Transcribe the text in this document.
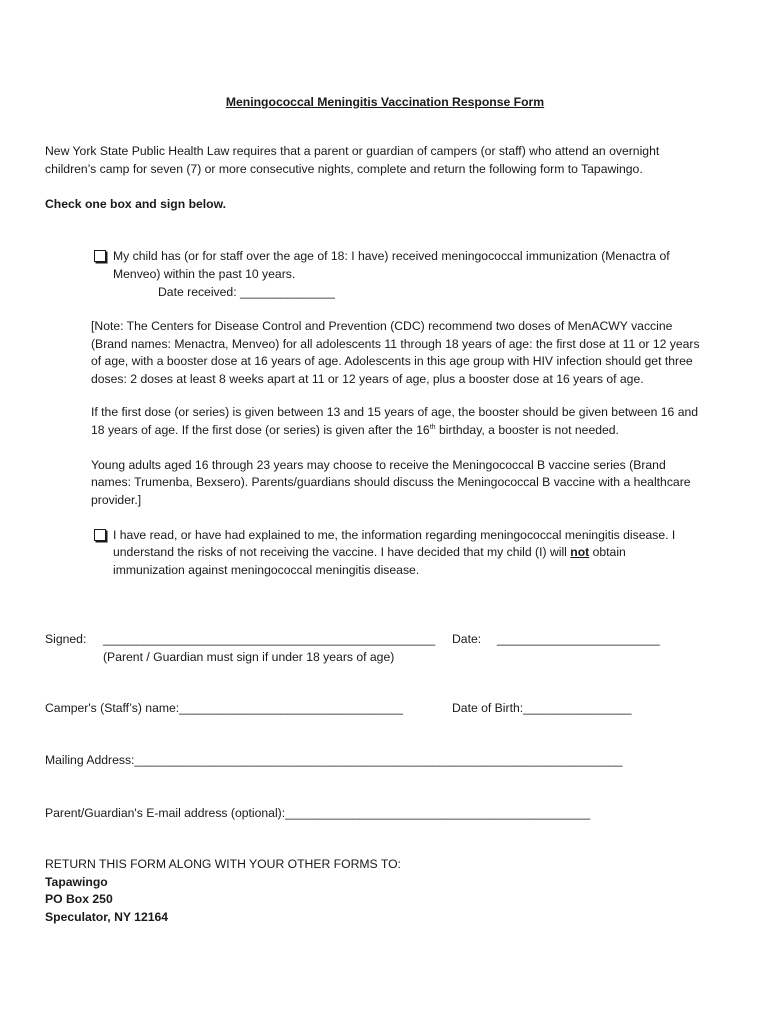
Meningococcal Meningitis Vaccination Response Form
New York State Public Health Law requires that a parent or guardian of campers (or staff) who attend an overnight
children’s camp for seven (7) or more consecutive nights, complete and return the following form to Tapawingo.
Check one box and sign below.
My child has (or for staff over the age of 18: I have) received meningococcal immunization (Menactra of
Menveo) within the past 10 years.
Date received: ______________
[Note: The Centers for Disease Control and Prevention (CDC) recommend two doses of MenACWY vaccine
(Brand names: Menactra, Menveo) for all adolescents 11 through 18 years of age: the first dose at 11 or 12 years
of age, with a booster dose at 16 years of age. Adolescents in this age group with HIV infection should get three
doses: 2 doses at least 8 weeks apart at 11 or 12 years of age, plus a booster dose at 16 years of age.
If the first dose (or series) is given between 13 and 15 years of age, the booster should be given between 16 and
18 years of age. If the first dose (or series) is given after the 16th birthday, a booster is not needed.
Young adults aged 16 through 23 years may choose to receive the Meningococcal B vaccine series (Brand
names: Trumenba, Bexsero). Parents/guardians should discuss the Meningococcal B vaccine with a healthcare
provider.]
I have read, or have had explained to me, the information regarding meningococcal meningitis disease. I
understand the risks of not receiving the vaccine. I have decided that my child (I) will not obtain
immunization against meningococcal meningitis disease.
Signed: _________________________________________________
(Parent / Guardian must sign if under 18 years of age)
Date: ________________________
Camper's (Staff’s) name:_________________________________	Date of Birth:________________
Mailing Address:________________________________________________________________________
Parent/Guardian's E-mail address (optional):_____________________________________________
RETURN THIS FORM ALONG WITH YOUR OTHER FORMS TO:
Tapawingo
PO Box 250
Speculator, NY 12164
